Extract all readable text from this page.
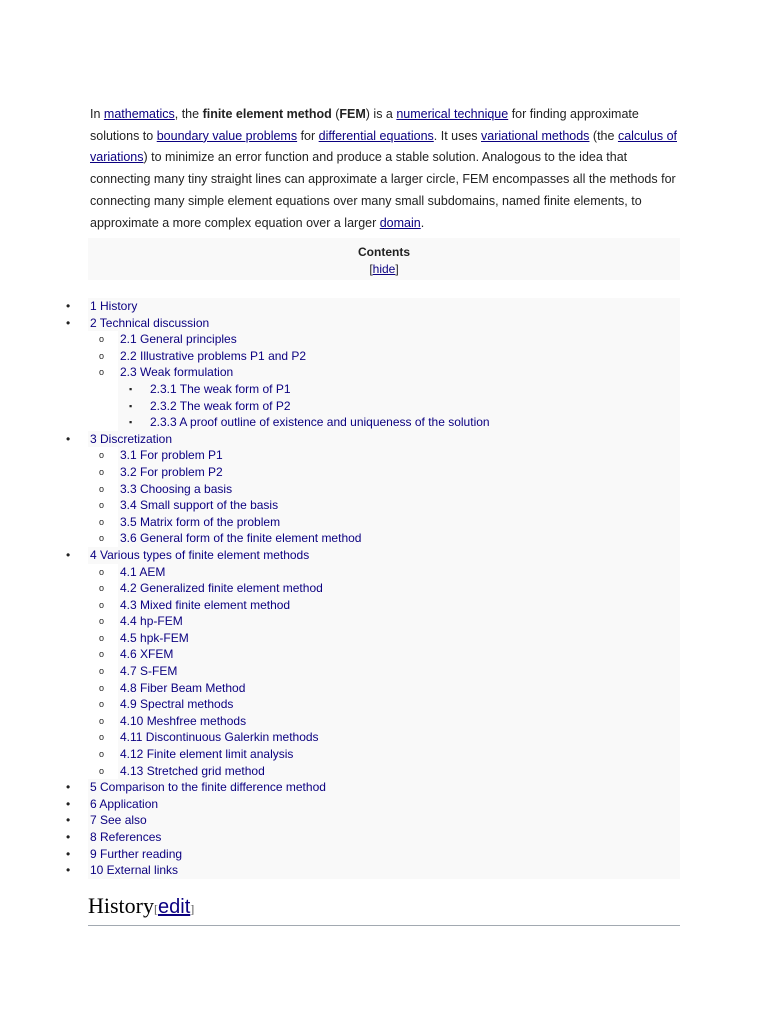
In mathematics, the finite element method (FEM) is a numerical technique for finding approximate solutions to boundary value problems for differential equations. It uses variational methods (the calculus of variations) to minimize an error function and produce a stable solution. Analogous to the idea that connecting many tiny straight lines can approximate a larger circle, FEM encompasses all the methods for connecting many simple element equations over many small subdomains, named finite elements, to approximate a more complex equation over a larger domain.

Contents
[hide]
• 1 History
• 2 Technical discussion
o 2.1 General principles
o 2.2 Illustrative problems P1 and P2
o 2.3 Weak formulation
▪ 2.3.1 The weak form of P1
▪ 2.3.2 The weak form of P2
▪ 2.3.3 A proof outline of existence and uniqueness of the solution
• 3 Discretization
o 3.1 For problem P1
o 3.2 For problem P2
o 3.3 Choosing a basis
o 3.4 Small support of the basis
o 3.5 Matrix form of the problem
o 3.6 General form of the finite element method
• 4 Various types of finite element methods
o 4.1 AEM
o 4.2 Generalized finite element method
o 4.3 Mixed finite element method
o 4.4 hp-FEM
o 4.5 hpk-FEM
o 4.6 XFEM
o 4.7 S-FEM
o 4.8 Fiber Beam Method
o 4.9 Spectral methods
o 4.10 Meshfree methods
o 4.11 Discontinuous Galerkin methods
o 4.12 Finite element limit analysis
o 4.13 Stretched grid method
• 5 Comparison to the finite difference method
• 6 Application
• 7 See also
• 8 References
• 9 Further reading
• 10 External links
History[edit]
